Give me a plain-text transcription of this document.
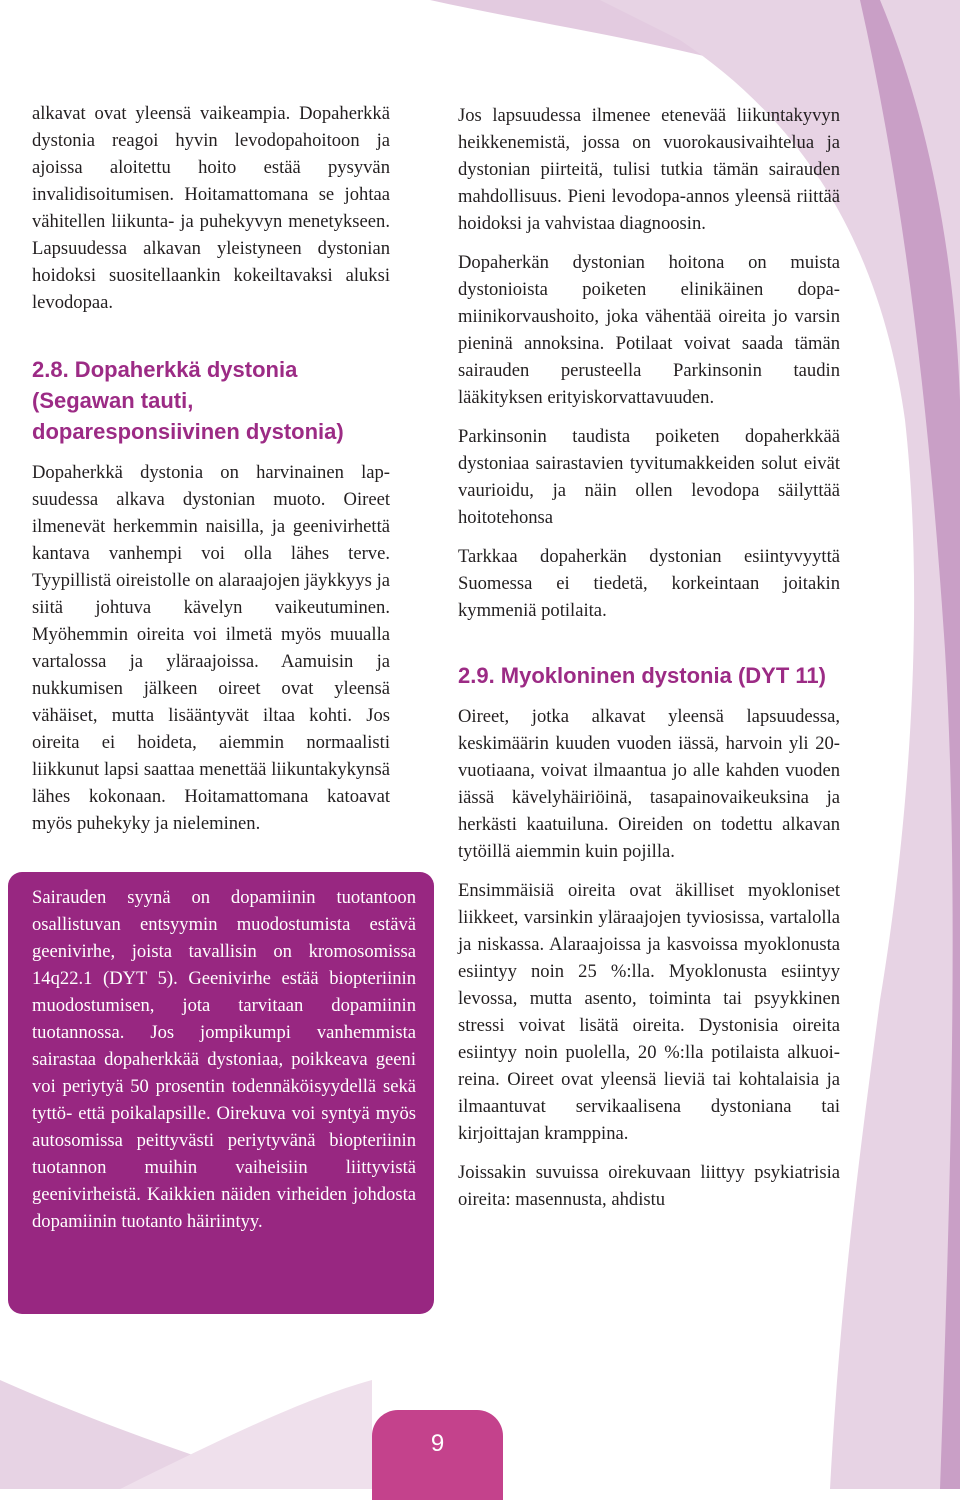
alkavat ovat yleensä vaikeampia. Dopaherkkä dystonia reagoi hyvin levodopahoitoon ja ajoissa aloitettu hoito estää pysyvän invalidisoitumisen. Hoitamattomana se johtaa vähitellen liikunta- ja puhekyvyn menetykseen. Lapsuudessa alkavan yleistyneen dystonian hoidoksi suositellaankin kokeiltavaksi aluksi levodopaa.

2.8. Dopaherkkä dystonia (Segawan tauti, doparesponsiivinen dystonia)

Dopaherkkä dystonia on harvinainen lapsuudessa alkava dystonian muoto. Oireet ilmenevät herkemmin naisilla, ja geenivirhettä kantava vanhempi voi olla lähes terve. Tyypillistä oireistolle on alaraajojen jäykkyys ja siitä johtuva kävelyn vaikeutuminen. Myöhemmin oireita voi ilmetä myös muualla vartalossa ja yläraajoissa. Aamuisin ja nukkumisen jälkeen oireet ovat yleensä vähäiset, mutta lisääntyvät iltaa kohti. Jos oireita ei hoideta, aiemmin normaalisti liikkunut lapsi saattaa menettää liikuntakykynsä lähes kokonaan. Hoitamattomana katoavat myös puhekyky ja nieleminen.

Sairauden syynä on dopamiinin tuotantoon osallistuvan entsyymin muodostumista estävä geenivirhe, joista tavallisin on kromosomissa 14q22.1 (DYT 5). Geenivirhe estää biopteriinin muodostumisen, jota tarvitaan dopamiinin tuotannossa. Jos jompikumpi vanhemmista sairastaa dopaherkkää dystoniaa, poikkeava geeni voi periytyä 50 prosentin todennäköisyydellä sekä tyttö- että poikalapsille. Oirekuva voi syntyä myös autosomissa peittyvästi periytyvänä biopteriinin tuotannon muihin vaiheisiin liittyvistä geenivirheistä. Kaikkien näiden virheiden johdosta dopamiinin tuotanto häiriintyy.

Jos lapsuudessa ilmenee etenevää liikuntakyvyn heikkenemistä, jossa on vuorokausivaihtelua ja dystonian piirteitä, tulisi tutkia tämän sairauden mahdollisuus. Pieni levodopa-annos yleensä riittää hoidoksi ja vahvistaa diagnoosin.

Dopaherkän dystonian hoitona on muista dystonioista poiketen elinikäinen dopamiinikorvaushoito, joka vähentää oireita jo varsin pieninä annoksina. Potilaat voivat saada tämän sairauden perusteella Parkinsonin taudin lääkityksen erityiskorvattavuuden.

Parkinsonin taudista poiketen dopaherkkää dystoniaa sairastavien tyvitumakkeiden solut eivät vaurioidu, ja näin ollen levodopa säilyttää hoitotehonsa

Tarkkaa dopaherkän dystonian esiintyvyyttä Suomessa ei tiedetä, korkeintaan joitakin kymmeniä potilaita.

2.9. Myokloninen dystonia (DYT 11)

Oireet, jotka alkavat yleensä lapsuudessa, keskimäärin kuuden vuoden iässä, harvoin yli 20-vuotiaana, voivat ilmaantua jo alle kahden vuoden iässä kävelyhäiriöinä, tasapainovaikeuksina ja herkästi kaatuiluna. Oireiden on todettu alkavan tytöillä aiemmin kuin pojilla.

Ensimmäisiä oireita ovat äkilliset myokloniset liikkeet, varsinkin yläraajojen tyviosissa, vartalolla ja niskassa. Alaraajoissa ja kasvoissa myoklonusta esiintyy noin 25 %:lla. Myoklonusta esiintyy levossa, mutta asento, toiminta tai psyykkinen stressi voivat lisätä oireita. Dystonisia oireita esiintyy noin puolella, 20 %:lla potilaista alkuoireina. Oireet ovat yleensä lieviä tai kohtalaisia ja ilmaantuvat servikaalisena dystoniana tai kirjoittajan kramppina.

Joissakin suvuissa oirekuvaan liittyy psykiatrisia oireita: masennusta, ahdistu

9
